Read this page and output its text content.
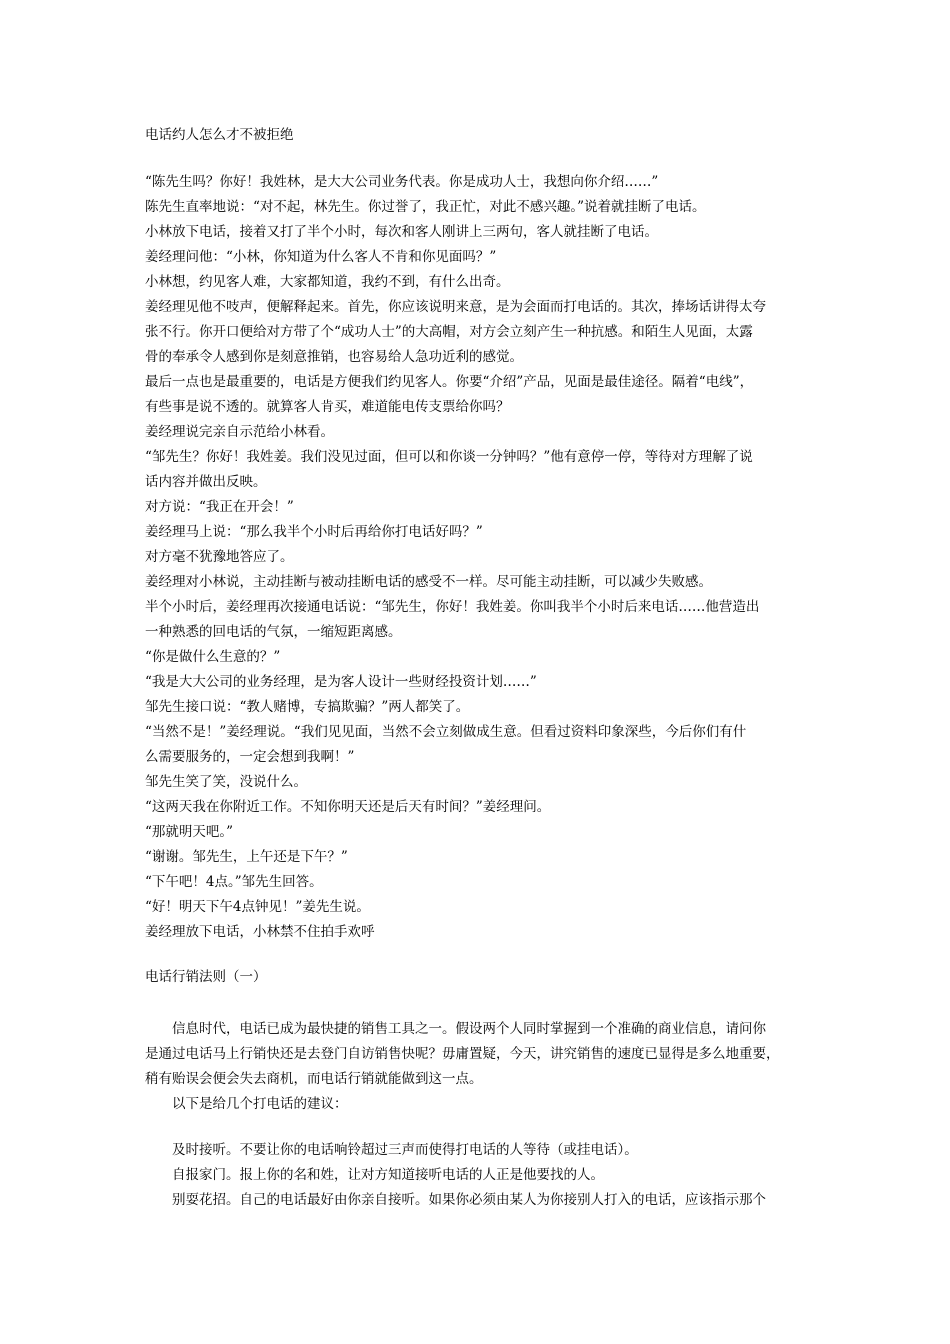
电话约人怎么才不被拒绝
“陈先生吗？你好！我姓林，是大大公司业务代表。你是成功人士，我想向你介绍……”
陈先生直率地说：“对不起，林先生。你过誉了，我正忙，对此不感兴趣。”说着就挂断了电话。
小林放下电话，接着又打了半个小时，每次和客人刚讲上三两句，客人就挂断了电话。
姜经理问他：“小林，你知道为什么客人不肯和你见面吗？”
小林想，约见客人难，大家都知道，我约不到，有什么出奇。
姜经理见他不吱声，便解释起来。首先，你应该说明来意，是为会面而打电话的。其次，捧场话讲得太夸
张不行。你开口便给对方带了个“成功人士”的大高帽，对方会立刻产生一种抗感。和陌生人见面，太露
骨的奉承令人感到你是刻意推销，也容易给人急功近利的感觉。
最后一点也是最重要的，电话是方便我们约见客人。你要“介绍”产品，见面是最佳途径。隔着“电线”，
有些事是说不透的。就算客人肯买，难道能电传支票给你吗？
姜经理说完亲自示范给小林看。
“邹先生？你好！我姓姜。我们没见过面，但可以和你谈一分钟吗？”他有意停一停，等待对方理解了说
话内容并做出反映。
对方说：“我正在开会！”
姜经理马上说：“那么我半个小时后再给你打电话好吗？”
对方毫不犹豫地答应了。
姜经理对小林说，主动挂断与被动挂断电话的感受不一样。尽可能主动挂断，可以减少失败感。
半个小时后，姜经理再次接通电话说：“邹先生，你好！我姓姜。你叫我半个小时后来电话……他营造出
一种熟悉的回电话的气氛，一缩短距离感。
“你是做什么生意的？”
“我是大大公司的业务经理，是为客人设计一些财经投资计划……”
邹先生接口说：“教人赌博，专搞欺骗？”两人都笑了。
“当然不是！”姜经理说。“我们见见面，当然不会立刻做成生意。但看过资料印象深些，今后你们有什
么需要服务的，一定会想到我啊！”
邹先生笑了笑，没说什么。
“这两天我在你附近工作。不知你明天还是后天有时间？”姜经理问。
“那就明天吧。”
“谢谢。邹先生，上午还是下午？”
“下午吧！4点。”邹先生回答。
“好！明天下午4点钟见！”姜先生说。
姜经理放下电话，小林禁不住拍手欢呼
电话行销法则（一）
　　信息时代，电话已成为最快捷的销售工具之一。假设两个人同时掌握到一个准确的商业信息，请问你
是通过电话马上行销快还是去登门自访销售快呢？毋庸置疑，今天，讲究销售的速度已显得是多么地重要，
稍有贻误会便会失去商机，而电话行销就能做到这一点。
　　以下是给几个打电话的建议：
　　及时接听。不要让你的电话响铃超过三声而使得打电话的人等待（或挂电话）。
　　自报家门。报上你的名和姓，让对方知道接听电话的人正是他要找的人。
　　别耍花招。自己的电话最好由你亲自接听。如果你必须由某人为你接别人打入的电话，应该指示那个
